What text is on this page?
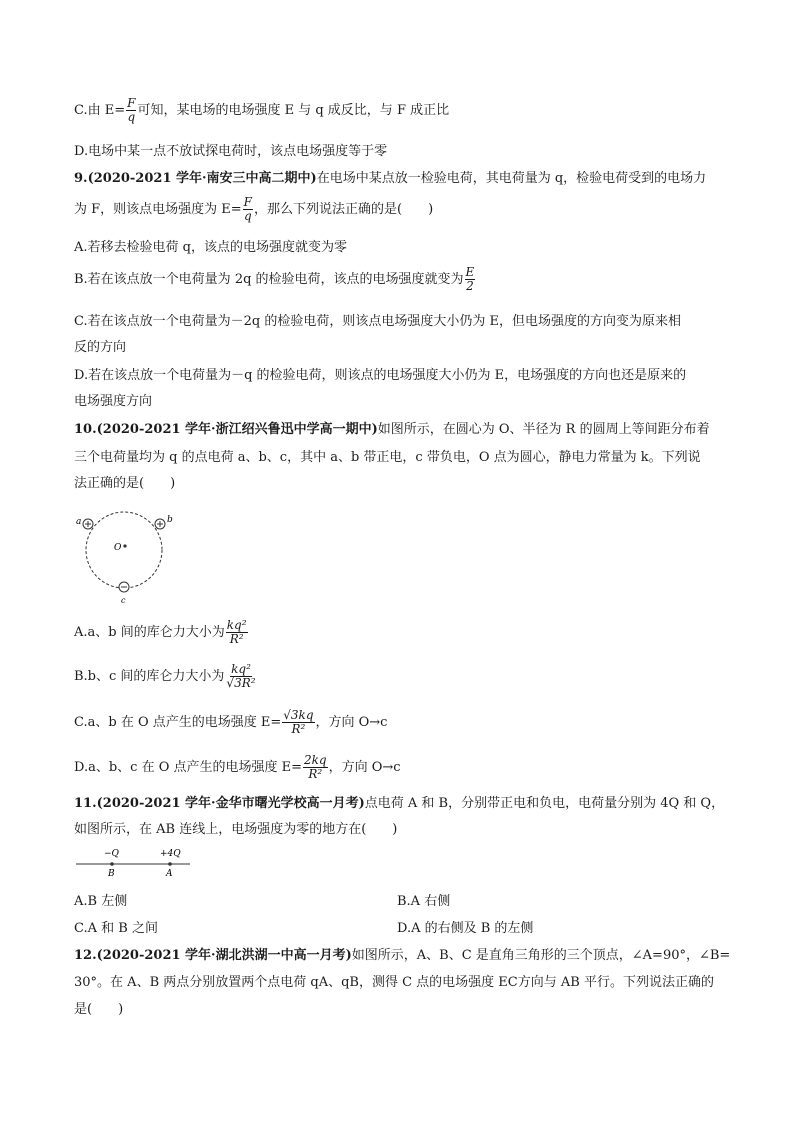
C.由 $E= \frac{F}{q}$ 可知，某电场的电场强度 E 与 q 成反比，与 F 成正比
D.电场中某一点不放试探电荷时，该点电场强度等于零
9.(2020-2021 学年·南安三中高二期中)在电场中某点放一检验电荷，其电荷量为 q，检验电荷受到的电场力
为 F，则该点电场强度为 $E= \frac{F}{q}$ ，那么下列说法正确的是(　　)
A.若移去检验电荷 q，该点的电场强度就变为零
B.若在该点放一个电荷量为 2q 的检验电荷，该点的电场强度就变为 $\frac{E}{2}$
C.若在该点放一个电荷量为－2q 的检验电荷，则该点电场强度大小仍为 E，但电场强度的方向变为原来相
反的方向
D.若在该点放一个电荷量为－q 的检验电荷，则该点的电场强度大小仍为 E，电场强度的方向也还是原来的
电场强度方向
10.(2020-2021 学年·浙江绍兴鲁迅中学高一期中)如图所示，在圆心为 O、半径为 R 的圆周上等间距分布着
三个电荷量均为 q 的点电荷 a、b、c，其中 a、b 带正电，c 带负电，O 点为圆心，静电力常量为 k。下列说
法正确的是(　　)
a	b
c
O
A.a、b 间的库仑力大小为 $\frac{\text{kq²}}{\text{R²}}$
B.b、c 间的库仑力大小为 $\frac{\text{kq²}}{\text{√3R²}}$
C.a、b 在 O 点产生的电场强度 $E= \frac{√3kq}{\text{R²}}$ ，方向 O→c
D.a、b、c 在 O 点产生的电场强度 $E= \frac{2kq}{\text{R²}}$ ，方向 O→c
11.(2020-2021 学年·金华市曙光学校高一月考)点电荷 A 和 B，分别带正电和负电，电荷量分别为 4Q 和 Q，
如图所示，在 AB 连线上，电场强度为零的地方在(　　)
−Q	+4Q
B	A
A.B 左侧	B.A 右侧
C.A 和 B 之间	D.A 的右侧及 B 的左侧
12.(2020-2021 学年·湖北洪湖一中高一月考)如图所示，A、B、C 是直角三角形的三个顶点，∠A=90°，∠B=
30°。在 A、B 两点分别放置两个点电荷 qA、qB，测得 C 点的电场强度 EC方向与 AB 平行。下列说法正确的
是(　　)
